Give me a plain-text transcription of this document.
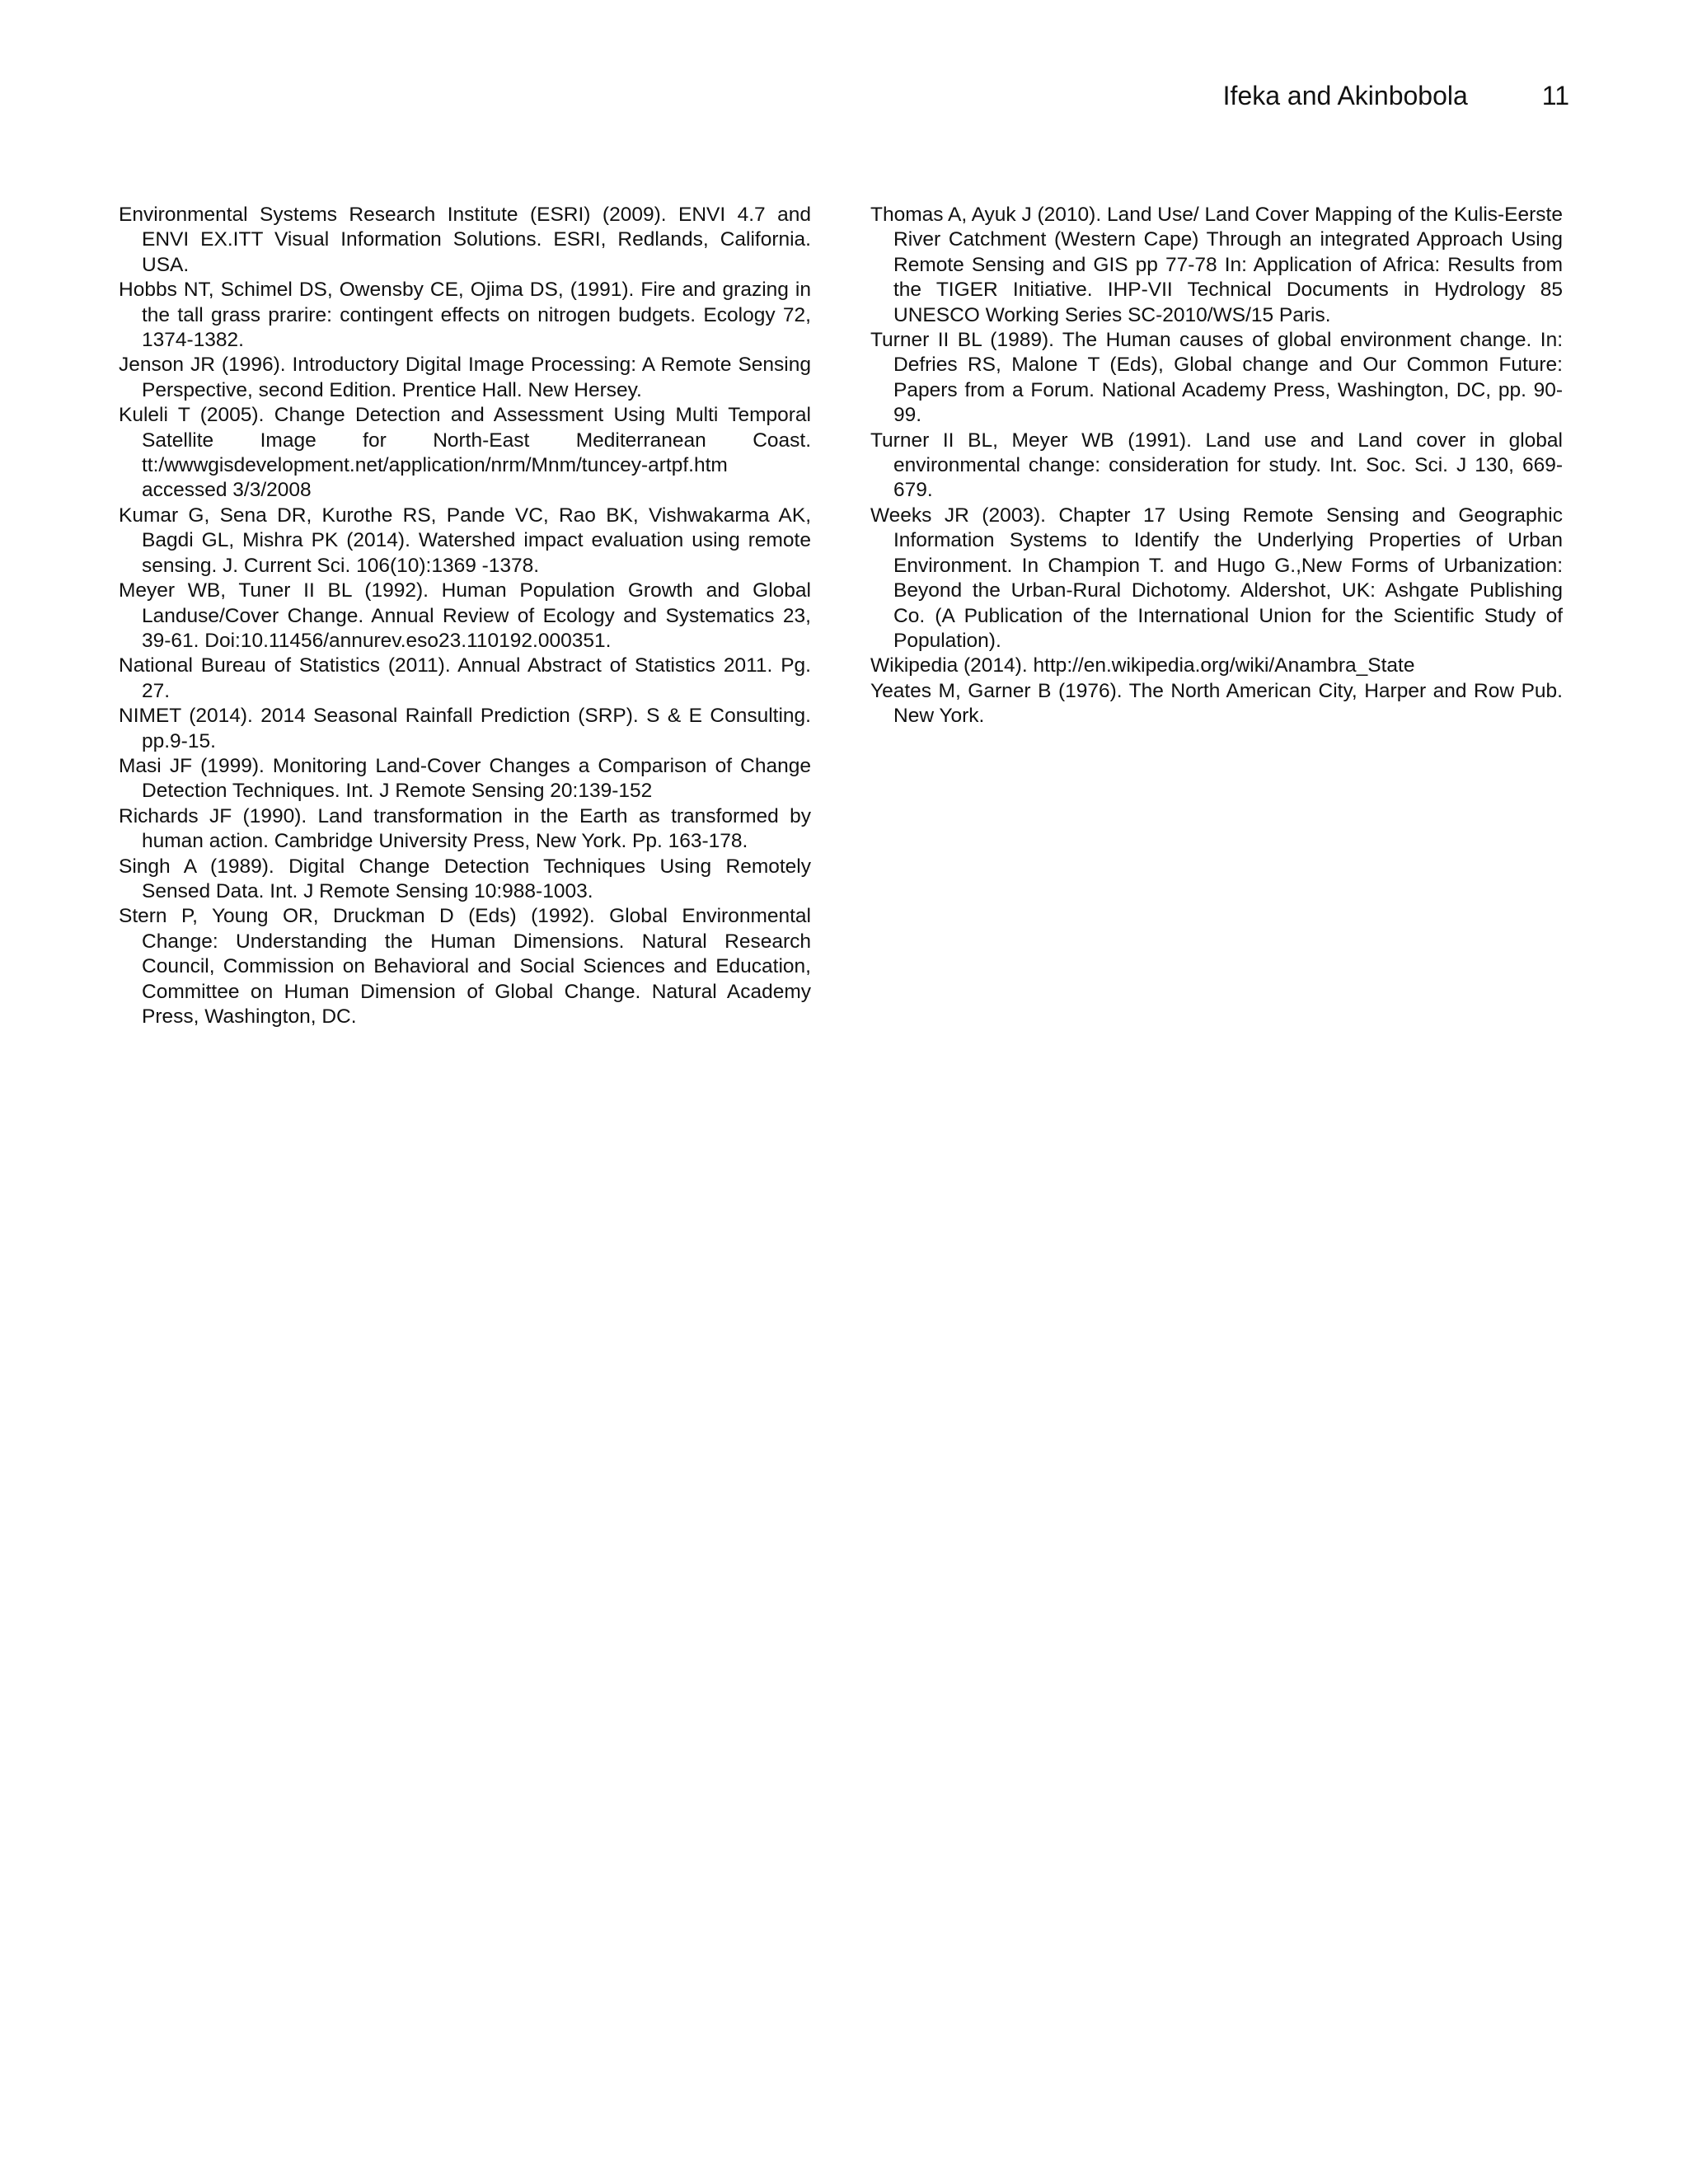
Ifeka and Akinbobola	11

Environmental Systems Research Institute (ESRI) (2009). ENVI 4.7 and ENVI EX.ITT Visual Information Solutions. ESRI, Redlands, California. USA.

Hobbs NT, Schimel DS, Owensby CE, Ojima DS, (1991). Fire and grazing in the tall grass prarire: contingent effects on nitrogen budgets. Ecology 72, 1374-1382.

Jenson JR (1996). Introductory Digital Image Processing: A Remote Sensing Perspective, second Edition. Prentice Hall. New Hersey.

Kuleli T (2005). Change Detection and Assessment Using Multi Temporal Satellite Image for North-East Mediterranean Coast. tt:/wwwgisdevelopment.net/application/nrm/Mnm/tuncey-artpf.htm accessed 3/3/2008

Kumar G, Sena DR, Kurothe RS, Pande VC, Rao BK, Vishwakarma AK, Bagdi GL, Mishra PK (2014). Watershed impact evaluation using remote sensing. J. Current Sci. 106(10):1369 -1378.

Meyer WB, Tuner II BL (1992). Human Population Growth and Global Landuse/Cover Change. Annual Review of Ecology and Systematics 23, 39-61. Doi:10.11456/annurev.eso23.110192.000351.

National Bureau of Statistics (2011). Annual Abstract of Statistics 2011. Pg. 27.

NIMET (2014). 2014 Seasonal Rainfall Prediction (SRP). S & E Consulting. pp.9-15.

Masi JF (1999). Monitoring Land-Cover Changes a Comparison of Change Detection Techniques. Int. J Remote Sensing 20:139-152

Richards JF (1990). Land transformation in the Earth as transformed by human action. Cambridge University Press, New York. Pp. 163-178.

Singh A (1989). Digital Change Detection Techniques Using Remotely Sensed Data. Int. J Remote Sensing 10:988-1003.

Stern P, Young OR, Druckman D (Eds) (1992). Global Environmental Change: Understanding the Human Dimensions. Natural Research Council, Commission on Behavioral and Social Sciences and Education, Committee on Human Dimension of Global Change. Natural Academy Press, Washington, DC.

Thomas A, Ayuk J (2010). Land Use/ Land Cover Mapping of the Kulis-Eerste River Catchment (Western Cape) Through an integrated Approach Using Remote Sensing and GIS pp 77-78 In: Application of Africa: Results from the TIGER Initiative. IHP-VII Technical Documents in Hydrology 85 UNESCO Working Series SC-2010/WS/15 Paris.

Turner II BL (1989). The Human causes of global environment change. In: Defries RS, Malone T (Eds), Global change and Our Common Future: Papers from a Forum. National Academy Press, Washington, DC, pp. 90-99.

Turner II BL, Meyer WB (1991). Land use and Land cover in global environmental change: consideration for study. Int. Soc. Sci. J 130, 669-679.

Weeks JR (2003). Chapter 17 Using Remote Sensing and Geographic Information Systems to Identify the Underlying Properties of Urban Environment. In Champion T. and Hugo G.,New Forms of Urbanization: Beyond the Urban-Rural Dichotomy. Aldershot, UK: Ashgate Publishing Co. (A Publication of the International Union for the Scientific Study of Population).

Wikipedia (2014). http://en.wikipedia.org/wiki/Anambra_State

Yeates M, Garner B (1976). The North American City, Harper and Row Pub. New York.
